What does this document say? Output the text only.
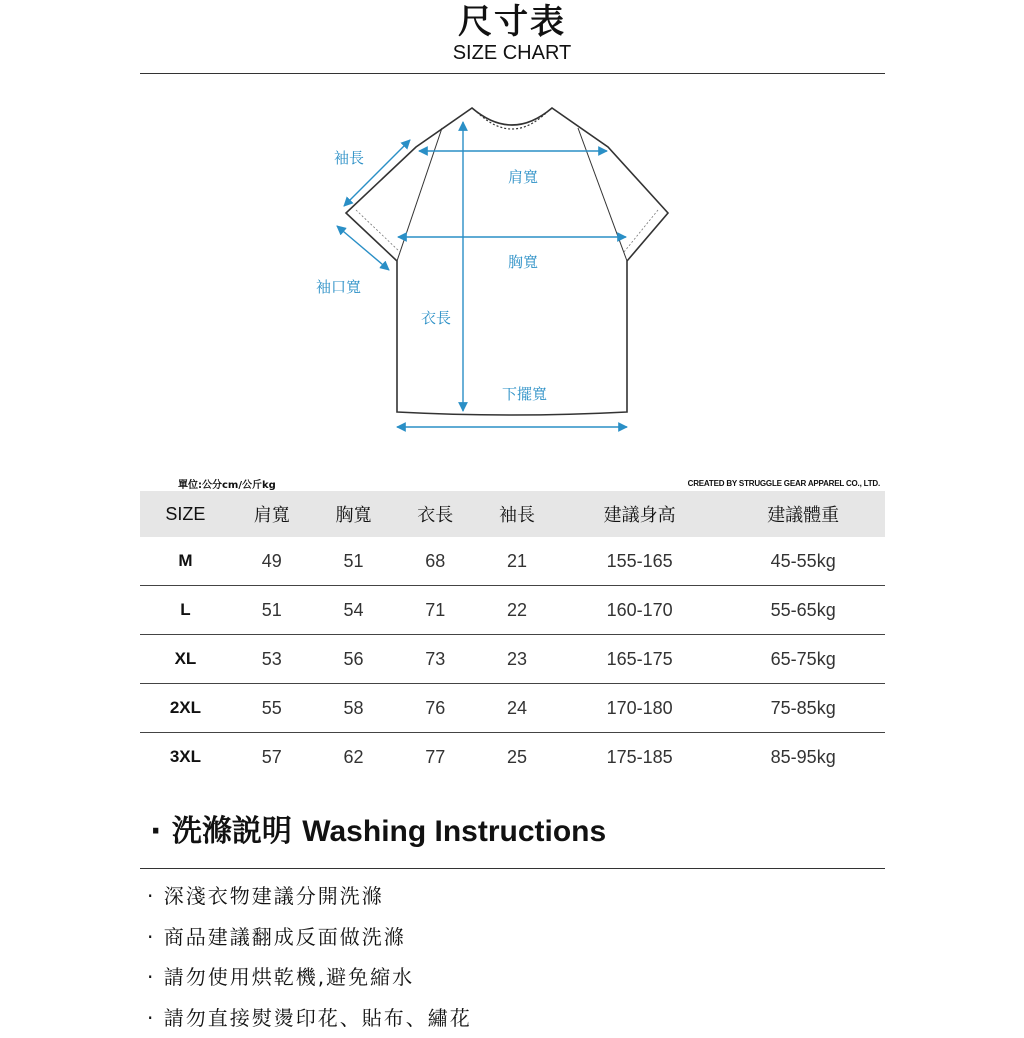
尺寸表
SIZE CHART
袖長
肩寬
胸寬
袖口寬
衣長
下擺寬
單位:公分cm/公斤kg	CREATED BY STRUGGLE GEAR APPAREL CO., LTD.
SIZE	肩寬	胸寬	衣長	袖長	建議身高	建議體重
M	49	51	68	21	155-165	45-55kg
L	51	54	71	22	160-170	55-65kg
XL	53	56	73	23	165-175	65-75kg
2XL	55	58	76	24	170-180	75-85kg
3XL	57	62	77	25	175-185	85-95kg
· 洗滌説明 Washing Instructions
· 深淺衣物建議分開洗滌
· 商品建議翻成反面做洗滌
· 請勿使用烘乾機,避免縮水
· 請勿直接熨燙印花、貼布、繡花
